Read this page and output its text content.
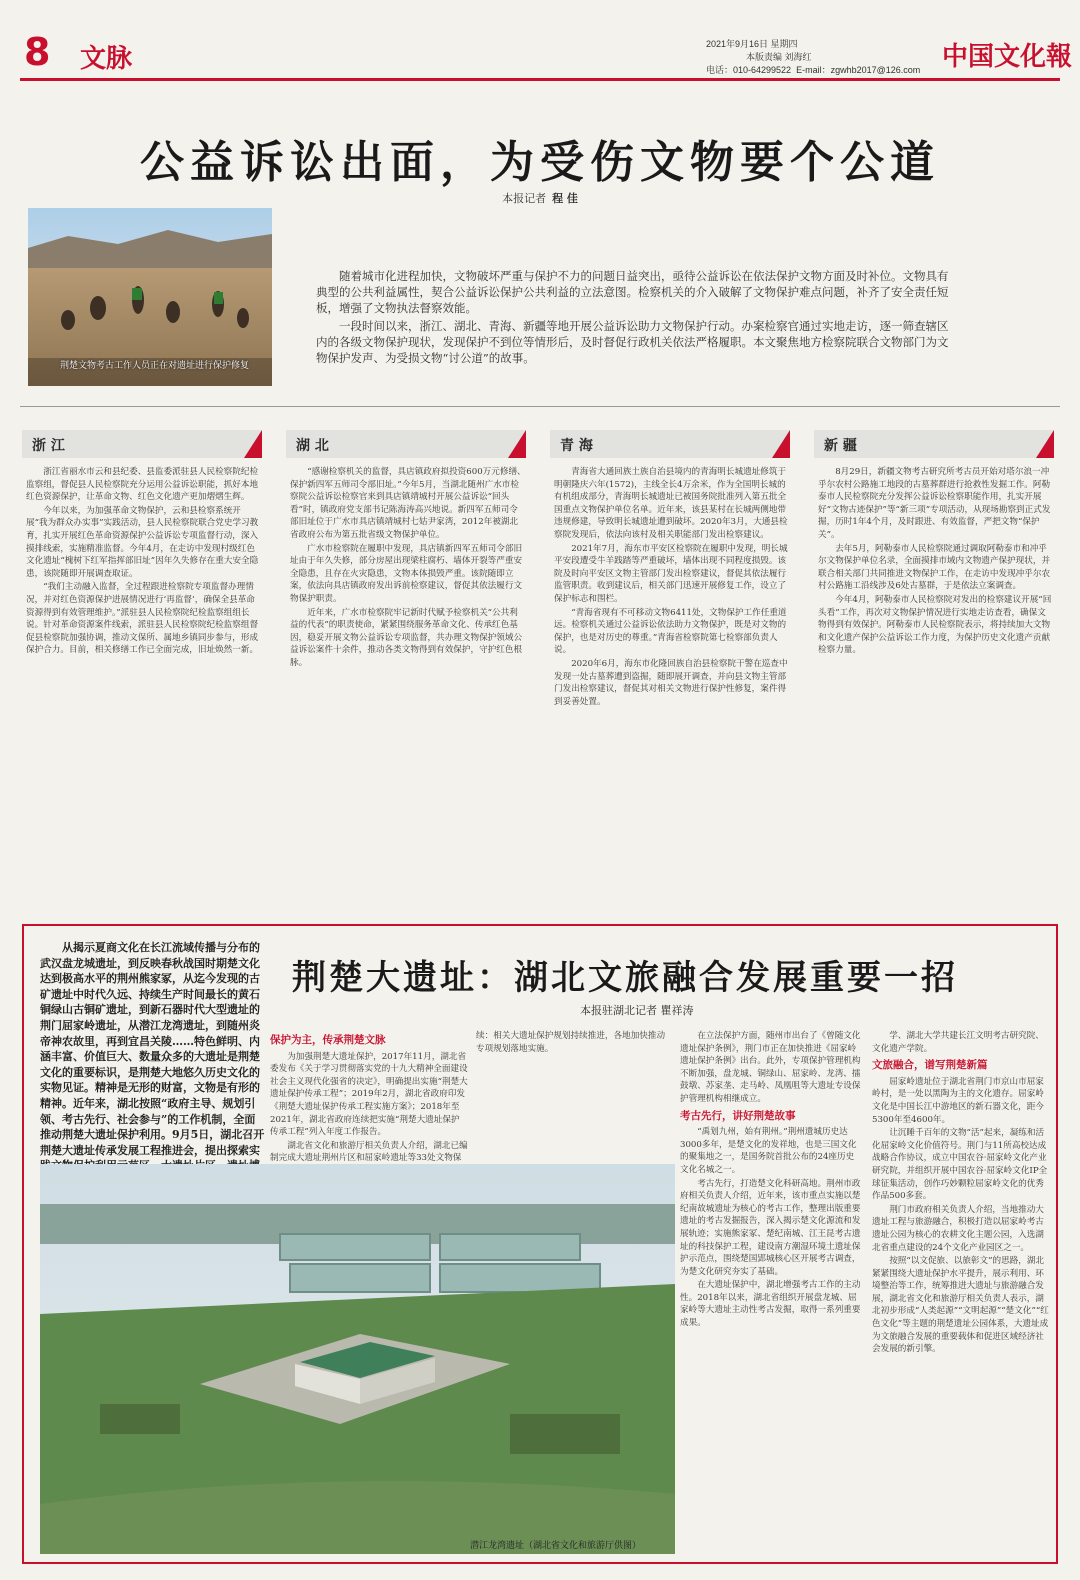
8 文脉	2021年9月16日 星期四
本版责编 刘海红
电话：010-64299522 E-mail：zgwhb2017@126.com 中国文化報
公益诉讼出面，为受伤文物要个公道
本报记者 程 佳
荆楚文物考古工作人员正在对遗址进行保护修复

随着城市化进程加快，文物破坏严重与保护不力的问题日益突出，亟待公益诉讼在依法保护文物方面及时补位。文物具有典型的公共利益属性，契合公益诉讼保护公共利益的立法意图。检察机关的介入破解了文物保护难点问题，补齐了安全责任短板，增强了文物执法督察效能。

一段时间以来，浙江、湖北、青海、新疆等地开展公益诉讼助力文物保护行动。办案检察官通过实地走访，逐一筛查辖区内的各级文物保护现状，发现保护不到位等情形后，及时督促行政机关依法严格履职。本文聚焦地方检察院联合文物部门为文物保护发声、为受损文物“讨公道”的故事。

浙 江	湖 北	青 海	新 疆

浙江省丽水市云和县纪委、县监委派驻县人民检察院纪检监察组，督促县人民检察院充分运用公益诉讼职能，抓好本地红色资源保护，让革命文物、红色文化遗产更加熠熠生辉。

今年以来，为加强革命文物保护，云和县检察系统开展“我为群众办实事”实践活动，县人民检察院联合党史学习教育，扎实开展红色革命资源保护公益诉讼专项监督行动，深入摸排线索，实施精准监督。今年4月，在走访中发现村级红色文化遗址“槐树下红军指挥部旧址”因年久失修存在重大安全隐患，该院随即开展调查取证。

“我们主动融入监督，全过程跟进检察院专项监督办理情况，并对红色资源保护进展情况进行‘再监督’，确保全县革命资源得到有效管理维护。”派驻县人民检察院纪检监察组组长说。针对革命资源案件线索，派驻县人民检察院纪检监察组督促县检察院加强协调，推动文保所、属地乡镇同步参与，形成保护合力。目前，相关修缮工作已全面完成，旧址焕然一新。

“感谢检察机关的监督，具店镇政府拟投资600万元修缮、保护新四军五师司令部旧址。”今年5月，当湖北随州广水市检察院公益诉讼检察官来到具店镇靖城村开展公益诉讼“回头看”时，镇政府党支部书记陈海涛高兴地说。新四军五师司令部旧址位于广水市具店镇靖城村七姑尹家湾，2012年被湖北省政府公布为第五批省级文物保护单位。

广水市检察院在履职中发现，具店镇新四军五师司令部旧址由于年久失修，部分房屋出现梁柱腐朽、墙体开裂等严重安全隐患，且存在火灾隐患，文物本体损毁严重。该院随即立案，依法向具店镇政府发出诉前检察建议，督促其依法履行文物保护职责。

近年来，广水市检察院牢记新时代赋予检察机关“公共利益的代表”的职责使命，紧紧围绕服务革命文化、传承红色基因，稳妥开展文物公益诉讼专项监督，共办理文物保护领域公益诉讼案件十余件，推动各类文物得到有效保护，守护红色根脉。

青海省大通回族土族自治县境内的青海明长城遗址修筑于明朝隆庆六年(1572)，主线全长4万余米，作为全国明长城的有机组成部分，青海明长城遗址已被国务院批准列入第五批全国重点文物保护单位名单。近年来，该县某村在长城两侧地带违规修建，导致明长城遗址遭到破坏。2020年3月，大通县检察院发现后，依法向该村及相关职能部门发出检察建议。

2021年7月，海东市平安区检察院在履职中发现，明长城平安段遭受牛羊践踏等严重破坏，墙体出现不同程度损毁。该院及时向平安区文物主管部门发出检察建议，督促其依法履行监管职责。收到建议后，相关部门迅速开展修复工作，设立了保护标志和围栏。

“青海省现有不可移动文物6411处，文物保护工作任重道远。检察机关通过公益诉讼依法助力文物保护，既是对文物的保护，也是对历史的尊重。”青海省检察院第七检察部负责人说。

2020年6月，海东市化隆回族自治县检察院干警在巡查中发现一处古墓葬遭到盗掘，随即展开调查，并向县文物主管部门发出检察建议，督促其对相关文物进行保护性修复，案件得到妥善处置。

8月29日，新疆文物考古研究所考古员开始对塔尔浪一冲乎尔农村公路施工地段的古墓葬群进行抢救性发掘工作。阿勒泰市人民检察院充分发挥公益诉讼检察职能作用，扎实开展好“文物古迹保护”等“新三项”专项活动，从现场勘察到正式发掘，历时1年4个月，及时跟进、有效监督，严把文物“保护关”。

去年5月，阿勒泰市人民检察院通过调取阿勒泰市和冲乎尔文物保护单位名录，全面摸排市域内文物遗产保护现状，并联合相关部门共同推进文物保护工作，在走访中发现冲乎尔农村公路施工沿线涉及6处古墓群，于是依法立案调查。

今年4月，阿勒泰市人民检察院对发出的检察建议开展“回头看”工作，再次对文物保护情况进行实地走访查看，确保文物得到有效保护。阿勒泰市人民检察院表示，将持续加大文物和文化遗产保护公益诉讼工作力度，为保护历史文化遗产贡献检察力量。

从揭示夏商文化在长江流域传播与分布的武汉盘龙城遗址，到反映春秋战国时期楚文化达到极高水平的荆州熊家冢，从迄今发现的古矿遗址中时代久远、持续生产时间最长的黄石铜绿山古铜矿遗址，到新石器时代大型遗址的荆门屈家岭遗址，从潜江龙湾遗址，到随州炎帝神农故里，再到宜昌关陵……特色鲜明、内涵丰富、价值巨大、数量众多的大遗址是荆楚文化的重要标识，是荆楚大地悠久历史文化的实物见证。精神是无形的财富，文物是有形的精神。近年来，湖北按照“政府主导、规划引领、考古先行、社会参与”的工作机制，全面推动荆楚大遗址保护利用。9月5日，湖北召开荆楚大遗址传承发展工程推进会，提出探索实
荆楚大遗址：湖北文旅融合发展重要一招
本报驻湖北记者 瞿祥涛
保护为主，传承荆楚文脉

为加强荆楚大遗址保护，2017年11月，湖北省委发布《关于学习贯彻落实党的十九大精神全面建设社会主义现代化强省的决定》，明确提出实施“荆楚大遗址保护传承工程”；2019年2月，湖北省政府印发《荆楚大遗址保护传承工程实施方案》；2018年至2021年，湖北省政府连续把实施“荆楚大遗址保护传承工程”列入年度工作报告。

湖北省文化和旅游厅相关负责人介绍，湖北已编制完成大遗址荆州片区和屈家岭遗址等33处文物保

续：相关大遗址保护规划持续推进，各地加快推动专项规划落地实施。

在立法保护方面，随州市出台了《曾随文化遗址保护条例》，荆门市正在加快推进《屈家岭遗址保护条例》出台。此外，专项保护管理机构不断加强，盘龙城、铜绿山、屈家岭、龙湾、擂鼓墩、苏家垄、走马岭、凤凰咀等大遗址专设保护管理机构相继成立。

考古先行，讲好荆楚故事

“禹划九州，始有荆州。”荆州遗城历史达3000多年，是楚文化的发祥地，也是三国文化的聚集地之一，是国务院首批公布的24座历史文化名城之一。

考古先行，打造楚文化科研高地。荆州市政府相关负责人介绍，近年来，该市重点实施以楚纪南故城遗址为核心的考古工作，整理出版重要遗址的考古发掘报告，深入揭示楚文化源流和发展轨迹；实施熊家冢、楚纪南城、江王昆考古遗址的科技保护工程，建设南方潮湿环境土遗址保护示范点，围绕楚国郢城核心区开展考古调查，为楚文化研究夯实了基础。

在大遗址保护中，湖北增强考古工作的主动性。2018年以来，湖北省组织开展盘龙城、屈家岭等大遗址主动性考古发掘，取得一系列重要成果。

学、湖北大学共建长江文明考古研究院、文化遗产学院。

文旅融合，谱写荆楚新篇

屈家岭遗址位于湖北省荆门市京山市屈家岭村，是一处以黑陶为主的文化遗存。屈家岭文化是中国长江中游地区的新石器文化，距今5300年至4600年。

让沉睡千百年的文物“活”起来，凝练和活化屈家岭文化价值符号。荆门与11所高校达成战略合作协议，成立中国农谷·屈家岭文化产业研究院，并组织开展中国农谷·屈家岭文化IP全球征集活动，创作巧妙颗粒屈家岭文化的优秀作品500多套。

荆门市政府相关负责人介绍，当地推动大遗址工程与旅游融合，积极打造以屈家岭考古遗址公园为核心的农耕文化主题公园，入选湖北省重点建设的24个文化产业园区之一。

按照“以文促旅、以旅彰文”的思路，湖北紧紧围绕大遗址保护水平提升，展示利用、环境整治等工作，统筹推进大遗址与旅游融合发展，湖北省文化和旅游厅相关负责人表示，湖北初步形成“人类起源”“文明起源”“楚文化”“红色文化”等主题的荆楚遗址公园体系，大遗址成为文旅融合发展的重要载体和促进区域经济社会发展的新引擎。

潜江龙湾遗址（湖北省文化和旅游厅供图）
